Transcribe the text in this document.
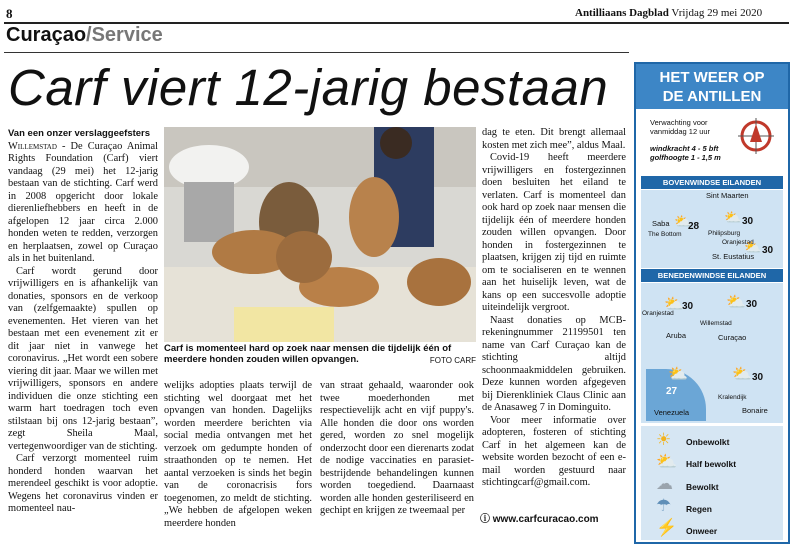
8	Antilliaans Dagblad Vrijdag 29 mei 2020
Curaçao/Service
Carf viert 12-jarig bestaan

Van een onzer verslaggeefsters

Willemstad - De Curaçao Animal Rights Foundation (Carf) viert vandaag (29 mei) het 12-jarig bestaan van de stichting. Carf werd in 2008 opgericht door lokale dierenliefhebbers en heeft in de afgelopen 12 jaar circa 2.000 honden weten te redden, verzorgen en herplaatsen, zowel op Curaçao als in het buitenland.

Carf wordt gerund door vrijwilligers en is afhankelijk van donaties, sponsors en de verkoop van (zelfgemaakte) spullen op evenementen. Het vieren van het bestaan met een evenement zit er dit jaar niet in vanwege het coronavirus. „Het wordt een sobere viering dit jaar. Maar we willen met vrijwilligers, sponsors en andere individuen die onze stichting een warm hart toedragen toch even stilstaan bij ons 12-jarig bestaan”, zegt Sheila Maal, vertegenwoordiger van de stichting.

Carf verzorgt momenteel ruim honderd honden waarvan het merendeel geschikt is voor adoptie. Wegens het coronavirus vinden er momenteel nau-

Carf is momenteel hard op zoek naar mensen die tijdelijk één of meerdere honden zouden willen opvangen.	FOTO CARF

welijks adopties plaats terwijl de stichting wel doorgaat met het opvangen van honden. Dagelijks worden meerdere berichten via social media ontvangen met het verzoek om gedumpte honden of straathonden op te nemen. Het aantal verzoeken is sinds het begin van de coronacrisis fors toegenomen, zo meldt de stichting. „We hebben de afgelopen weken meerdere honden

van straat gehaald, waaronder ook twee moederhonden met respectievelijk acht en vijf puppy's. Alle honden die door ons worden gered, worden zo snel mogelijk onderzocht door een dierenarts zodat de nodige vaccinaties en parasiet-bestrijdende behandelingen kunnen worden toegediend. Daarnaast worden alle honden gesteriliseerd en gechipt en krijgen ze tweemaal per

dag te eten. Dit brengt allemaal kosten met zich mee”, aldus Maal.

Covid-19 heeft meerdere vrijwilligers en fostergezinnen doen besluiten het eiland te verlaten. Carf is momenteel dan ook hard op zoek naar mensen die tijdelijk één of meerdere honden zouden willen opvangen. Door honden in fostergezinnen te plaatsen, krijgen zij tijd en ruimte om te socialiseren en te wennen aan het huiselijk leven, wat de kans op een succesvolle adoptie uiteindelijk vergroot.

Naast donaties op MCB-rekeningnummer 21199501 ten name van Carf Curaçao kan de stichting altijd schoonmaakmiddelen gebruiken. Deze kunnen worden afgegeven bij Dierenkliniek Claus Clinic aan de Anasaweg 7 in Dominguito.

Voor meer informatie over adopteren, fosteren of stichting Carf in het algemeen kan de website worden bezocht of een e-mail worden gestuurd naar stichtingcarf@gmail.com.

ⓘ www.carfcuracao.com
HET WEER OP
DE ANTILLEN
Verwachting voor vanmiddag 12 uur
windkracht 4 - 5 bft
golfhoogte 1 - 1,5 m
BOVENWINDSE EILANDEN
Sint Maarten
Saba
The Bottom	Philipsburg
Oranjestad
St. Eustatius
28	30
30
⛅ ⛅
⛅
BENEDENWINDSE EILANDEN
Oranjestad
Aruba
Willemstad
Curaçao
Venezuela
Kralendijk
Bonaire
30	30
30
27
⛅	⛅
⛅
⛅
☀
⛅
☁
☂
⚡
Onbewolkt
Half bewolkt
Bewolkt
Regen
Onweer
